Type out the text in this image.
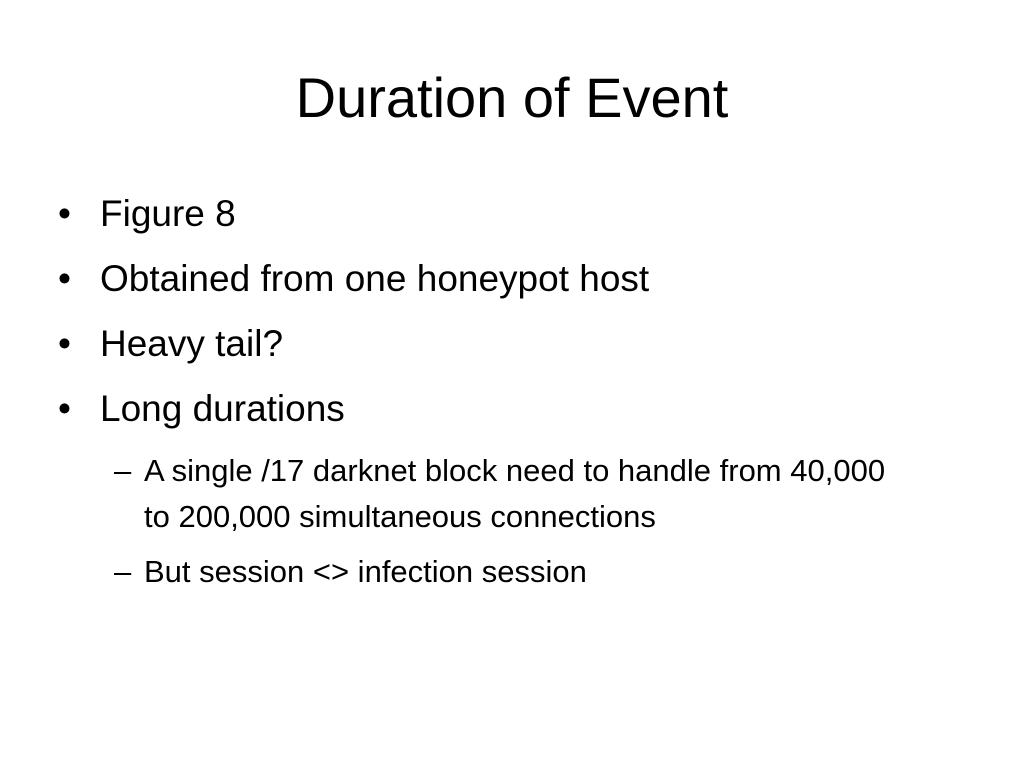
Duration of Event
• Figure 8
• Obtained from one honeypot host
• Heavy tail?
• Long durations
– A single /17 darknet block need to handle from 40,000 to 200,000 simultaneous connections
– But session <> infection session
